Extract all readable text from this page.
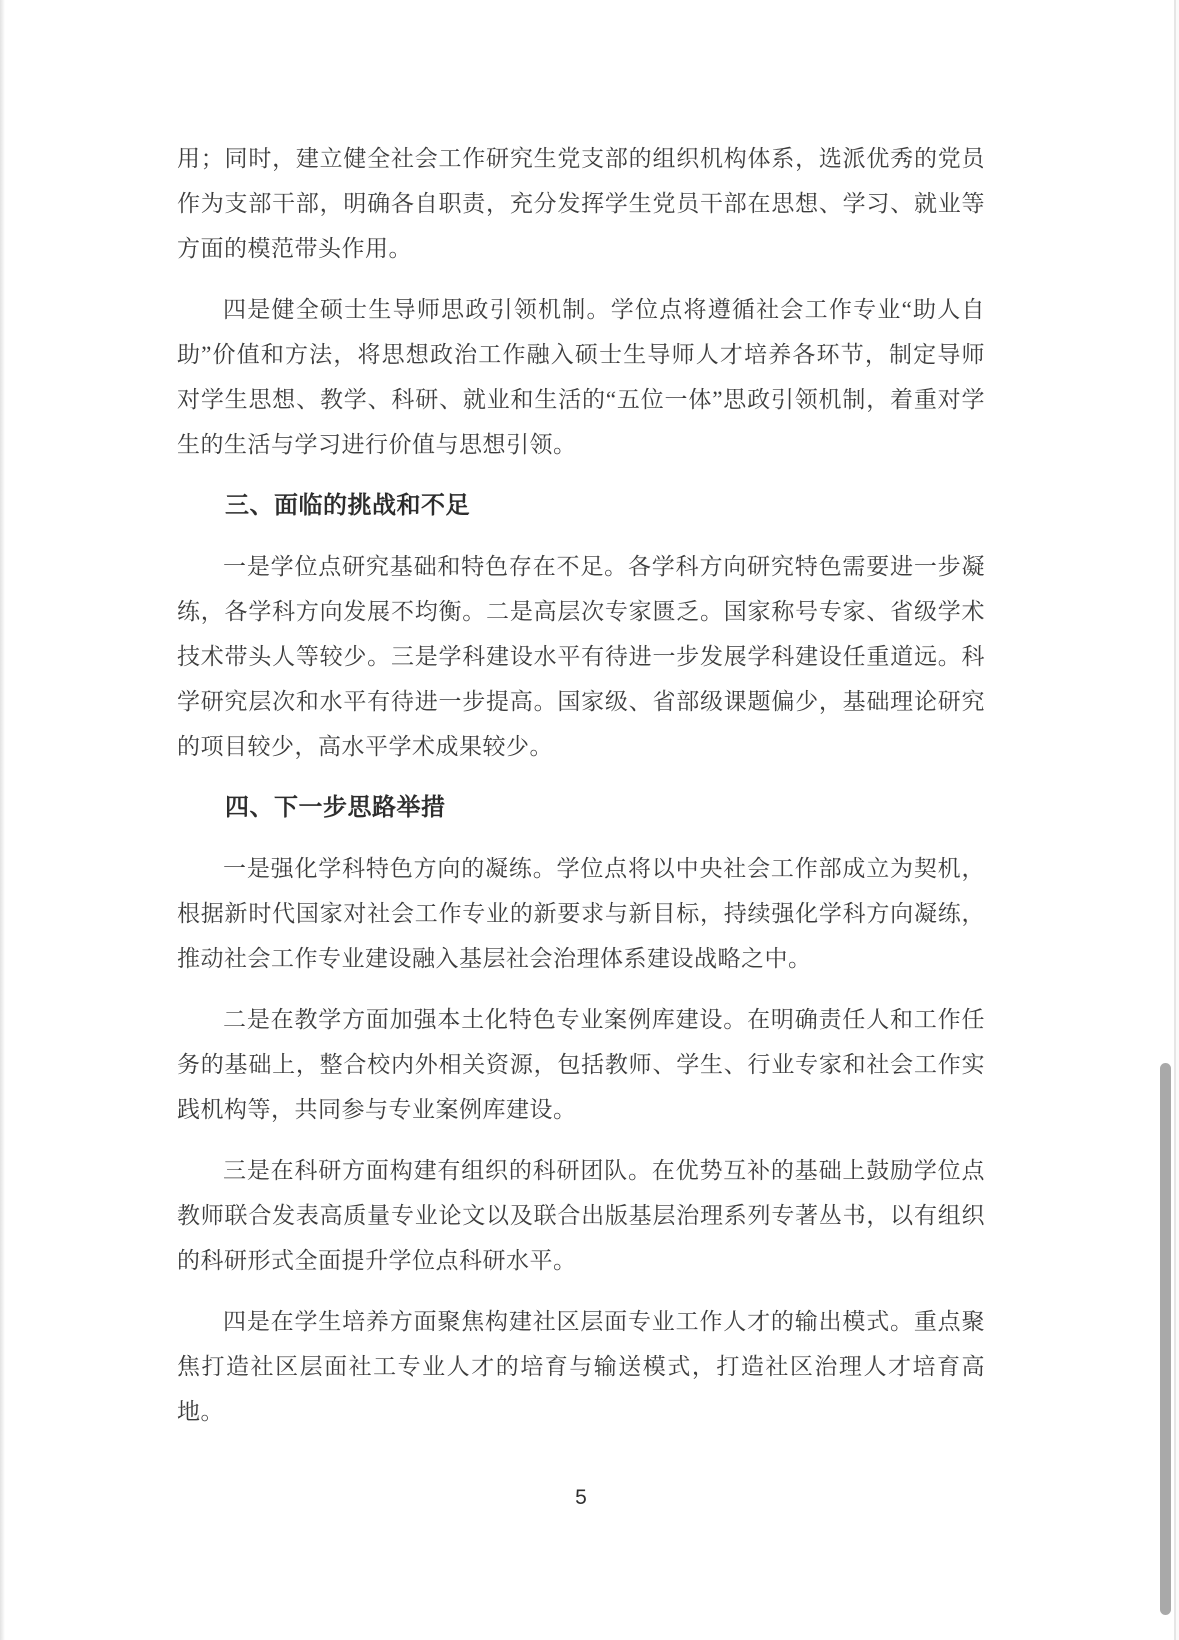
用；同时，建立健全社会工作研究生党支部的组织机构体系，选派优秀的党员作为支部干部，明确各自职责，充分发挥学生党员干部在思想、学习、就业等方面的模范带头作用。

四是健全硕士生导师思政引领机制。学位点将遵循社会工作专业“助人自助”价值和方法，将思想政治工作融入硕士生导师人才培养各环节，制定导师对学生思想、教学、科研、就业和生活的“五位一体”思政引领机制，着重对学生的生活与学习进行价值与思想引领。

三、面临的挑战和不足

一是学位点研究基础和特色存在不足。各学科方向研究特色需要进一步凝练，各学科方向发展不均衡。二是高层次专家匮乏。国家称号专家、省级学术技术带头人等较少。三是学科建设水平有待进一步发展学科建设任重道远。科学研究层次和水平有待进一步提高。国家级、省部级课题偏少，基础理论研究的项目较少，高水平学术成果较少。

四、下一步思路举措

一是强化学科特色方向的凝练。学位点将以中央社会工作部成立为契机，根据新时代国家对社会工作专业的新要求与新目标，持续强化学科方向凝练，推动社会工作专业建设融入基层社会治理体系建设战略之中。

二是在教学方面加强本土化特色专业案例库建设。在明确责任人和工作任务的基础上，整合校内外相关资源，包括教师、学生、行业专家和社会工作实践机构等，共同参与专业案例库建设。

三是在科研方面构建有组织的科研团队。在优势互补的基础上鼓励学位点教师联合发表高质量专业论文以及联合出版基层治理系列专著丛书，以有组织的科研形式全面提升学位点科研水平。

四是在学生培养方面聚焦构建社区层面专业工作人才的输出模式。重点聚焦打造社区层面社工专业人才的培育与输送模式，打造社区治理人才培育高地。

5
